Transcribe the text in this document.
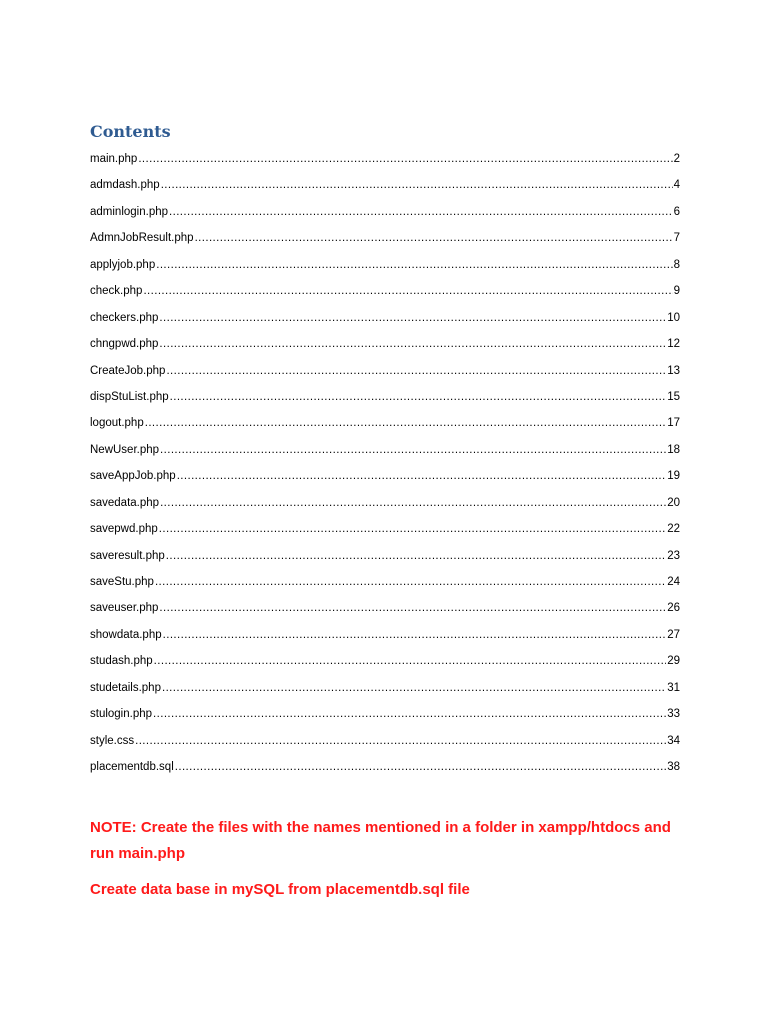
Contents
main.php .....	2
admdash.php .....	4
adminlogin.php .....	6
AdmnJobResult.php .....	7
applyjob.php .....	8
check.php .....	9
checkers.php .....	10
chngpwd.php .....	12
CreateJob.php .....	13
dispStuList.php .....	15
logout.php .....	17
NewUser.php .....	18
saveAppJob.php .....	19
savedata.php .....	20
savepwd.php .....	22
saveresult.php .....	23
saveStu.php .....	24
saveuser.php .....	26
showdata.php .....	27
studash.php .....	29
studetails.php .....	31
stulogin.php .....	33
style.css .....	34
placementdb.sql .....	38

NOTE: Create the files with the names mentioned in a folder in xampp/htdocs and run main.php

Create data base in mySQL from placementdb.sql file
